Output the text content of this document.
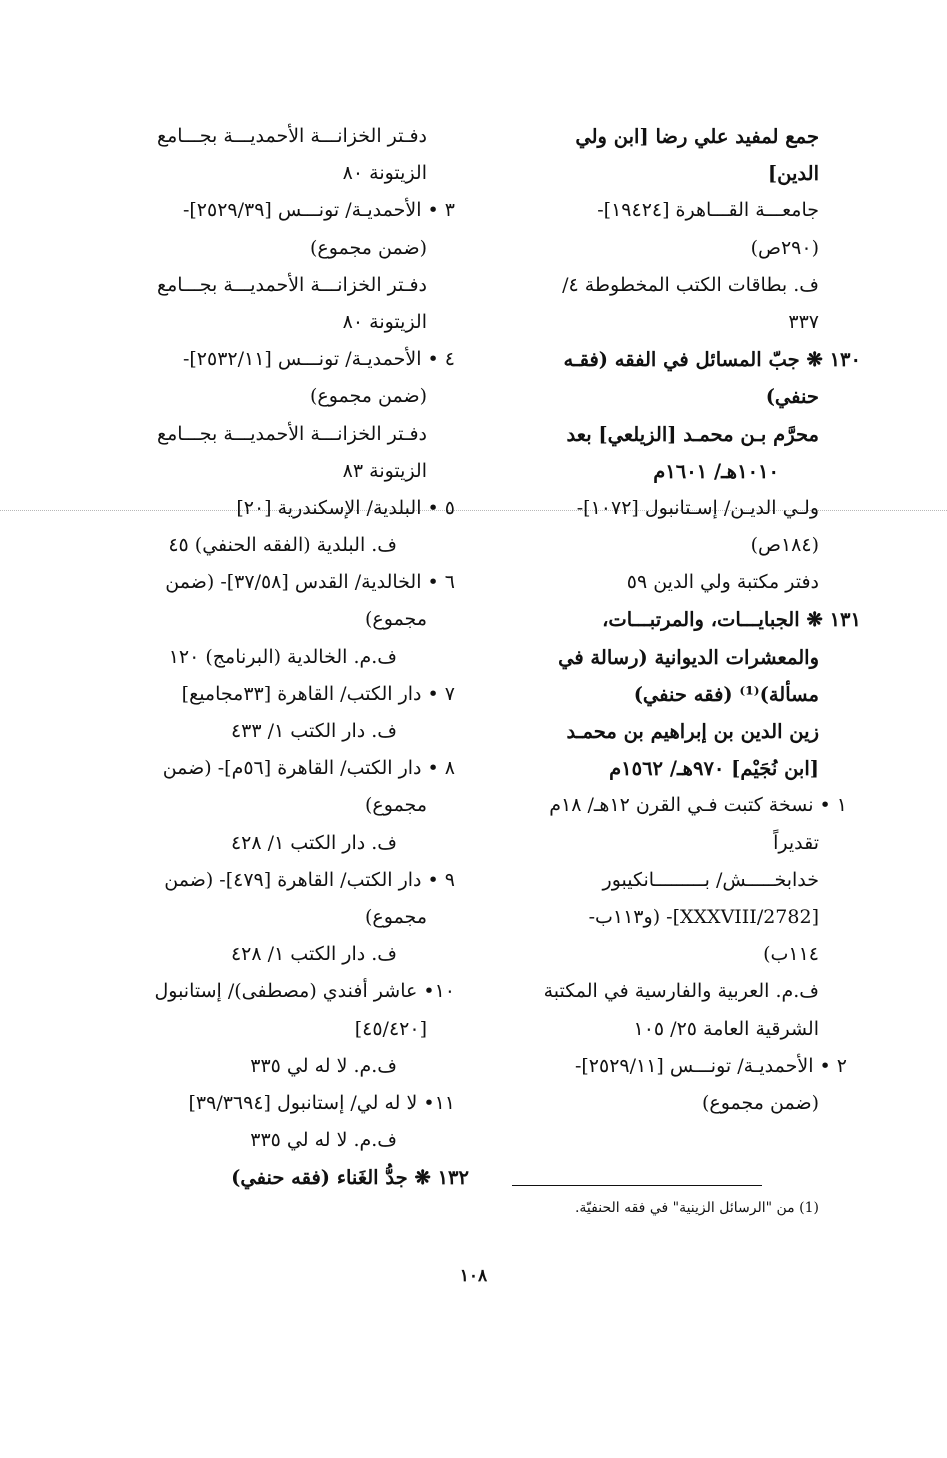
جمع لمفيد علي رضا [ابن ولي
الدين]
جامعـــة القـــاهرة [١٩٤٢٤]-
(٢٩٠ص)
ف. بطاقات الكتب المخطوطة ٤/
٣٣٧
١٣٠ ❋ جبّ المسائل في الفقه (فقـه
حنفي)
محرَّم بـن محمـد [الزيلعي] بعد
١٠١٠هـ/ ١٦٠١م
ولـي الديـن/ إسـتانبول [١٠٧٢]-
(١٨٤ص)
دفتر مكتبة ولي الدين ٥٩
١٣١ ❋ الجبايـــات، والمرتبـــات،
والمعشرات الديوانية (رسالة في
مسألة)⁽¹⁾ (فقه حنفي)
زين الدين بن إبراهيم بن محمـد
[ابن نُجَيْم] ٩٧٠هـ/ ١٥٦٢م
١ • نسخة كتبت فـي القرن ١٢هـ/ ١٨م
تقديراً
خدابخـــــش/ بـــــــــانكيبور
[2782/XXXVIII]- (و١١٣ب-
١١٤ب)
ف.م. العربية والفارسية في المكتبة
الشرقية العامة ٢٥/ ١٠٥
٢ • الأحمديـة/ تونـــس [٢٥٢٩/١١]-
(ضمن مجموع)
دفـتر الخزانـــة الأحمديـــة بجـــامع
الزيتونة ٨٠
٣ • الأحمديـة/ تونـــس [٢٥٢٩/٣٩]-
(ضمن مجموع)
دفـتر الخزانـــة الأحمديـــة بجـــامع
الزيتونة ٨٠
٤ • الأحمديـة/ تونـــس [٢٥٣٢/١١]-
(ضمن مجموع)
دفـتر الخزانـــة الأحمديـــة بجـــامع
الزيتونة ٨٣
٥ • البلدية/ الإسكندرية [٢٠]
ف. البلدية (الفقه الحنفي) ٤٥
٦ • الخالدية/ القدس [٣٧/٥٨]- (ضمن
مجموع)
ف.م. الخالدية (البرنامج) ١٢٠
٧ • دار الكتب/ القاهرة [٣٣مجاميع]
ف. دار الكتب ١/ ٤٣٣
٨ • دار الكتب/ القاهرة [٥٦م]- (ضمن
مجموع)
ف. دار الكتب ١/ ٤٢٨
٩ • دار الكتب/ القاهرة [٤٧٩]- (ضمن
مجموع)
ف. دار الكتب ١/ ٤٢٨
١٠• عاشر أفندي (مصطفى)/ إستانبول
[٤٥/٤٢٠]
ف.م. لا له لي ٣٣٥
١١• لا له لي/ إستانبول [٣٩/٣٦٩٤]
ف.م. لا له لي ٣٣٥
١٣٢ ❋ جدُّ الغَناء (فقه حنفي)
(1) من "الرسائل الزينية" في فقه الحنفيّة.
١٠٨
